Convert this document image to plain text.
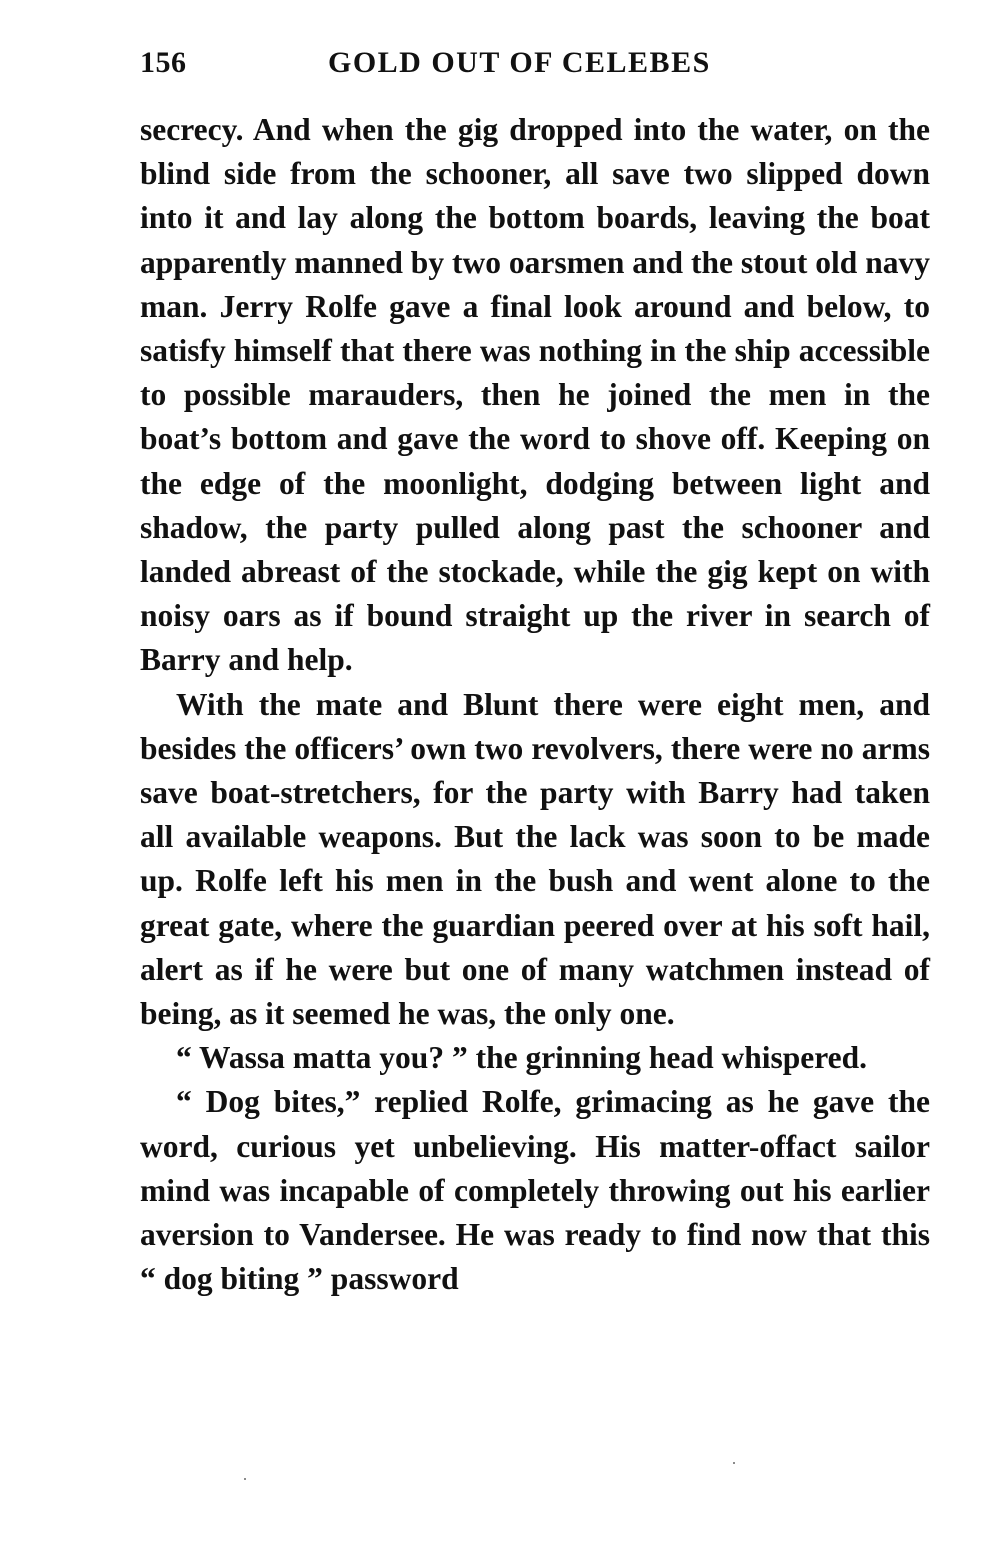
156	GOLD OUT OF CELEBES

secrecy. And when the gig dropped into the water, on the blind side from the schooner, all save two slipped down into it and lay along the bottom boards, leaving the boat apparently manned by two oarsmen and the stout old navy man. Jerry Rolfe gave a final look around and below, to satisfy himself that there was nothing in the ship accessible to possible marauders, then he joined the men in the boat’s bottom and gave the word to shove off. Keeping on the edge of the moonlight, dodging between light and shadow, the party pulled along past the schooner and landed abreast of the stockade, while the gig kept on with noisy oars as if bound straight up the river in search of Barry and help.

With the mate and Blunt there were eight men, and besides the officers’ own two revolvers, there were no arms save boat-stretchers, for the party with Barry had taken all available weapons. But the lack was soon to be made up. Rolfe left his men in the bush and went alone to the great gate, where the guardian peered over at his soft hail, alert as if he were but one of many watchmen instead of being, as it seemed he was, the only one.

“ Wassa matta you? ” the grinning head whispered.

“ Dog bites,” replied Rolfe, grimacing as he gave the word, curious yet unbelieving. His matter-offact sailor mind was incapable of completely throwing out his earlier aversion to Vandersee. He was ready to find now that this “ dog biting ” password
